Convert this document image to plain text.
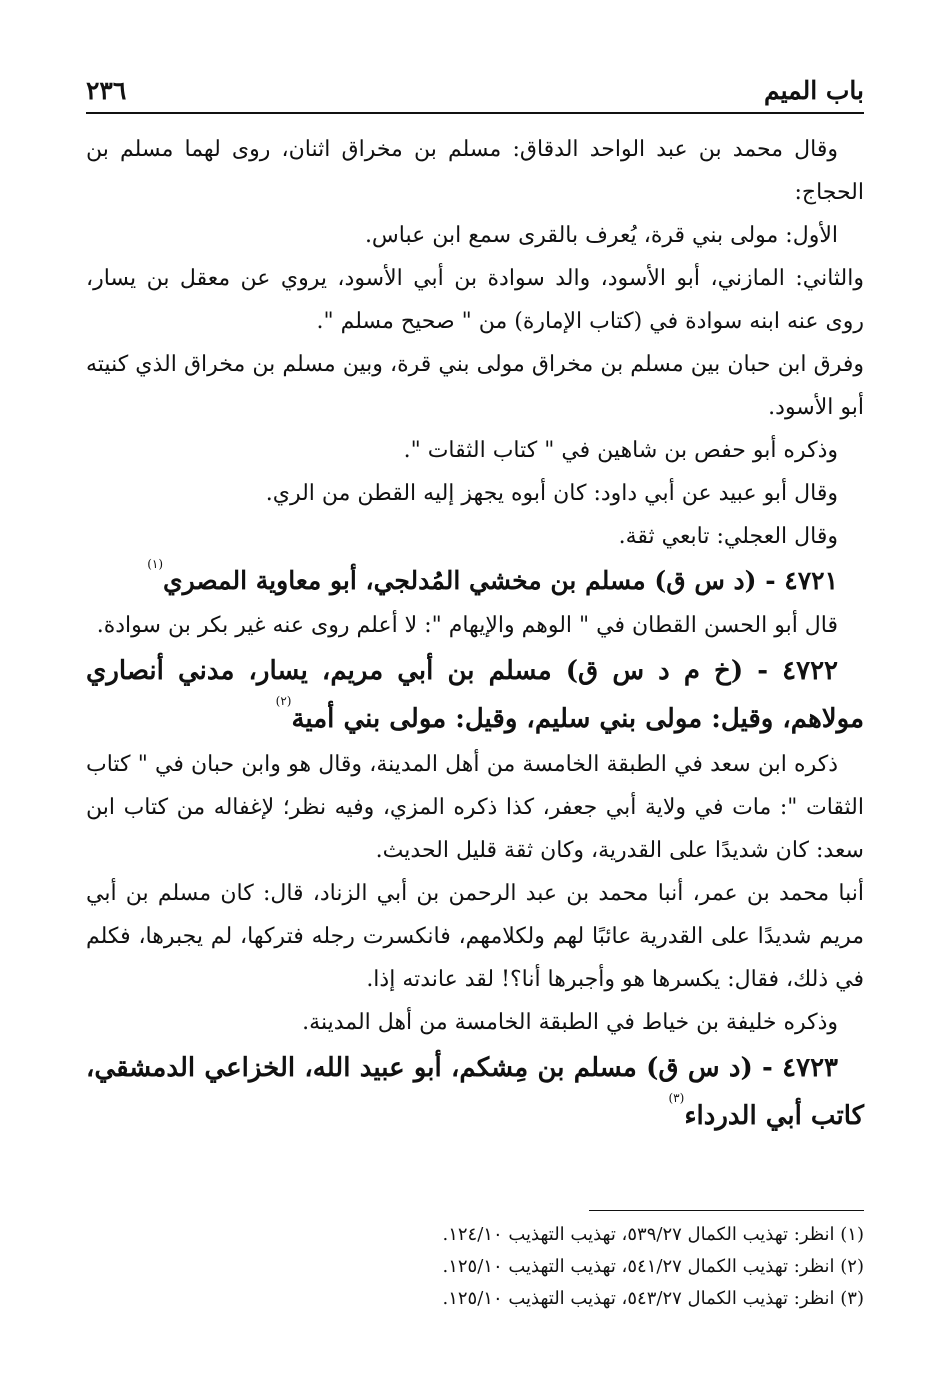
باب الميم
٢٣٦

وقال محمد بن عبد الواحد الدقاق: مسلم بن مخراق اثنان، روى لهما مسلم بن الحجاج:

الأول: مولى بني قرة، يُعرف بالقرى سمع ابن عباس.

والثاني: المازني، أبو الأسود، والد سوادة بن أبي الأسود، يروي عن معقل بن يسار، روى عنه ابنه سوادة في (كتاب الإمارة) من " صحيح مسلم ".

وفرق ابن حبان بين مسلم بن مخراق مولى بني قرة، وبين مسلم بن مخراق الذي كنيته أبو الأسود.

وذكره أبو حفص بن شاهين في " كتاب الثقات ".

وقال أبو عبيد عن أبي داود: كان أبوه يجهز إليه القطن من الري.

وقال العجلي: تابعي ثقة.

٤٧٢١ - (د س ق) مسلم بن مخشي المُدلجي، أبو معاوية المصري$^{(١)}$

قال أبو الحسن القطان في " الوهم والإيهام ": لا أعلم روى عنه غير بكر بن سوادة.

٤٧٢٢ - (خ م د س ق) مسلم بن أبي مريم، يسار، مدني أنصاري مولاهم، وقيل: مولى بني سليم، وقيل: مولى بني أمية$^{(٢)}$

ذكره ابن سعد في الطبقة الخامسة من أهل المدينة، وقال هو وابن حبان في " كتاب الثقات ": مات في ولاية أبي جعفر، كذا ذكره المزي، وفيه نظر؛ لإغفاله من كتاب ابن سعد: كان شديدًا على القدرية، وكان ثقة قليل الحديث.

أنبا محمد بن عمر، أنبا محمد بن عبد الرحمن بن أبي الزناد، قال: كان مسلم بن أبي مريم شديدًا على القدرية عائبًا لهم ولكلامهم، فانكسرت رجله فتركها، لم يجبرها، فكلم في ذلك، فقال: يكسرها هو وأجبرها أنا؟! لقد عاندته إذا.

وذكره خليفة بن خياط في الطبقة الخامسة من أهل المدينة.

٤٧٢٣ - (د س ق) مسلم بن مِشكم، أبو عبيد الله، الخزاعي الدمشقي، كاتب أبي الدرداء$^{(٣)}$

(١) انظر: تهذيب الكمال ٥٣٩/٢٧، تهذيب التهذيب ١٢٤/١٠.

(٢) انظر: تهذيب الكمال ٥٤١/٢٧، تهذيب التهذيب ١٢٥/١٠.

(٣) انظر: تهذيب الكمال ٥٤٣/٢٧، تهذيب التهذيب ١٢٥/١٠.
